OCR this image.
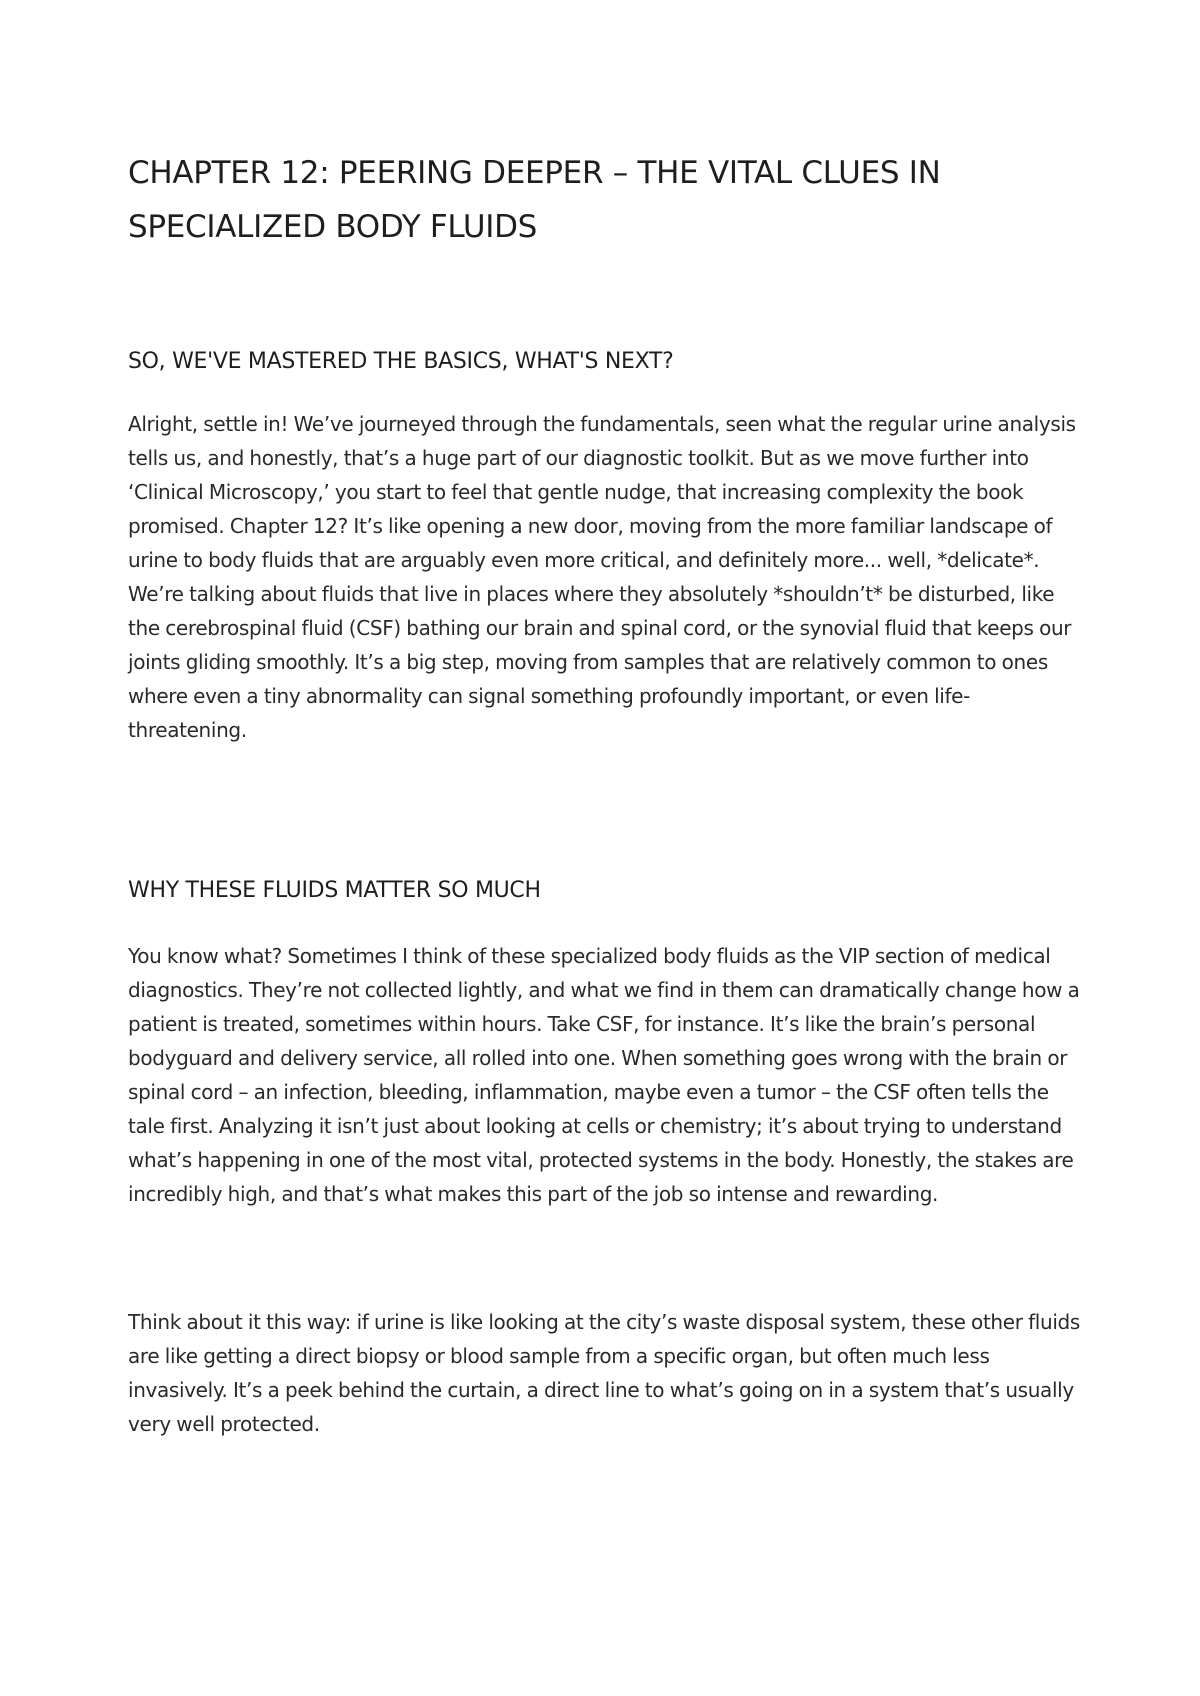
CHAPTER 12: PEERING DEEPER – THE VITAL CLUES IN SPECIALIZED BODY FLUIDS
SO, WE'VE MASTERED THE BASICS, WHAT'S NEXT?

Alright, settle in! We’ve journeyed through the fundamentals, seen what the regular urine analysis tells us, and honestly, that’s a huge part of our diagnostic toolkit. But as we move further into ‘Clinical Microscopy,’ you start to feel that gentle nudge, that increasing complexity the book promised. Chapter 12? It’s like opening a new door, moving from the more familiar landscape of urine to body fluids that are arguably even more critical, and definitely more... well, *delicate*. We’re talking about fluids that live in places where they absolutely *shouldn’t* be disturbed, like the cerebrospinal fluid (CSF) bathing our brain and spinal cord, or the synovial fluid that keeps our joints gliding smoothly. It’s a big step, moving from samples that are relatively common to ones where even a tiny abnormality can signal something profoundly important, or even life-threatening.

WHY THESE FLUIDS MATTER SO MUCH

You know what? Sometimes I think of these specialized body fluids as the VIP section of medical diagnostics. They’re not collected lightly, and what we find in them can dramatically change how a patient is treated, sometimes within hours. Take CSF, for instance. It’s like the brain’s personal bodyguard and delivery service, all rolled into one. When something goes wrong with the brain or spinal cord – an infection, bleeding, inflammation, maybe even a tumor – the CSF often tells the tale first. Analyzing it isn’t just about looking at cells or chemistry; it’s about trying to understand what’s happening in one of the most vital, protected systems in the body. Honestly, the stakes are incredibly high, and that’s what makes this part of the job so intense and rewarding.

Think about it this way: if urine is like looking at the city’s waste disposal system, these other fluids are like getting a direct biopsy or blood sample from a specific organ, but often much less invasively. It’s a peek behind the curtain, a direct line to what’s going on in a system that’s usually very well protected.
